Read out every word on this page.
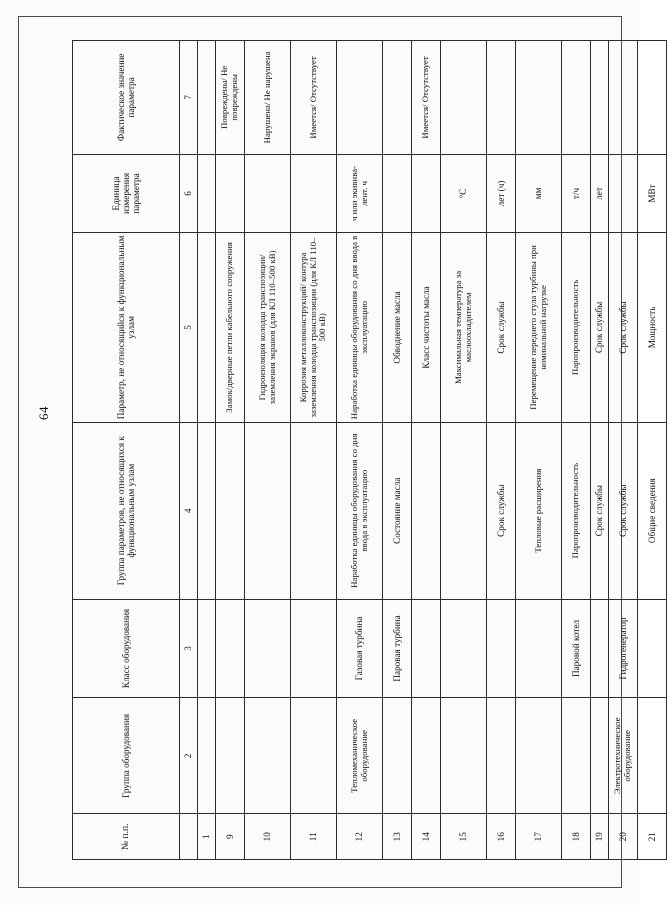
64
№ п.п.	Группа оборудования	Класс оборудования	Группа параметров, не относящихся к функциональным узлам	Параметр, не относящийся к функциональным узлам	Единица измерения параметра	Фактическое значение параметра
	2	3	4	5	6	7
1						
9				Замок/дверные петли кабельного сооружения		Повреждены/ Не повреждены
10				Гидроизоляция колодца транспозиции/ заземления экранов (для КЛ 110–500 кВ)		Нарушена/ Не нарушена
11				Коррозия металлоконструкций/ контура заземления колодца транспозиции (для КЛ 110–500 кВ)		Имеется/ Отсутствует
12	Тепломеханическое оборудование	Газовая турбина	Наработка единицы оборудования со дня ввода в эксплуатацию	Наработка единицы оборудования со дня ввода в эксплуатацию	ч или экивива-лент. ч	
13		Паровая турбина	Состояние масла	Обводнение масла		
14				Класс чистоты масла		Имеется/ Отсутствует
15				Максимальная температура за маслоохладителем	°С	
16			Срок службы	Срок службы	лет (ч)	
17			Тепловые расширения	Перемещение переднего стула турбины при номинальной нагрузке	мм	
18		Паровой котел	Паропроизводительность	Паропроизводительность	т/ч	
19			Срок службы	Срок службы	лет	
20	Электротехническое оборудование	Гидрогенератор	Срок службы	Срок службы		
21			Общие сведения	Мощность	МВт	
